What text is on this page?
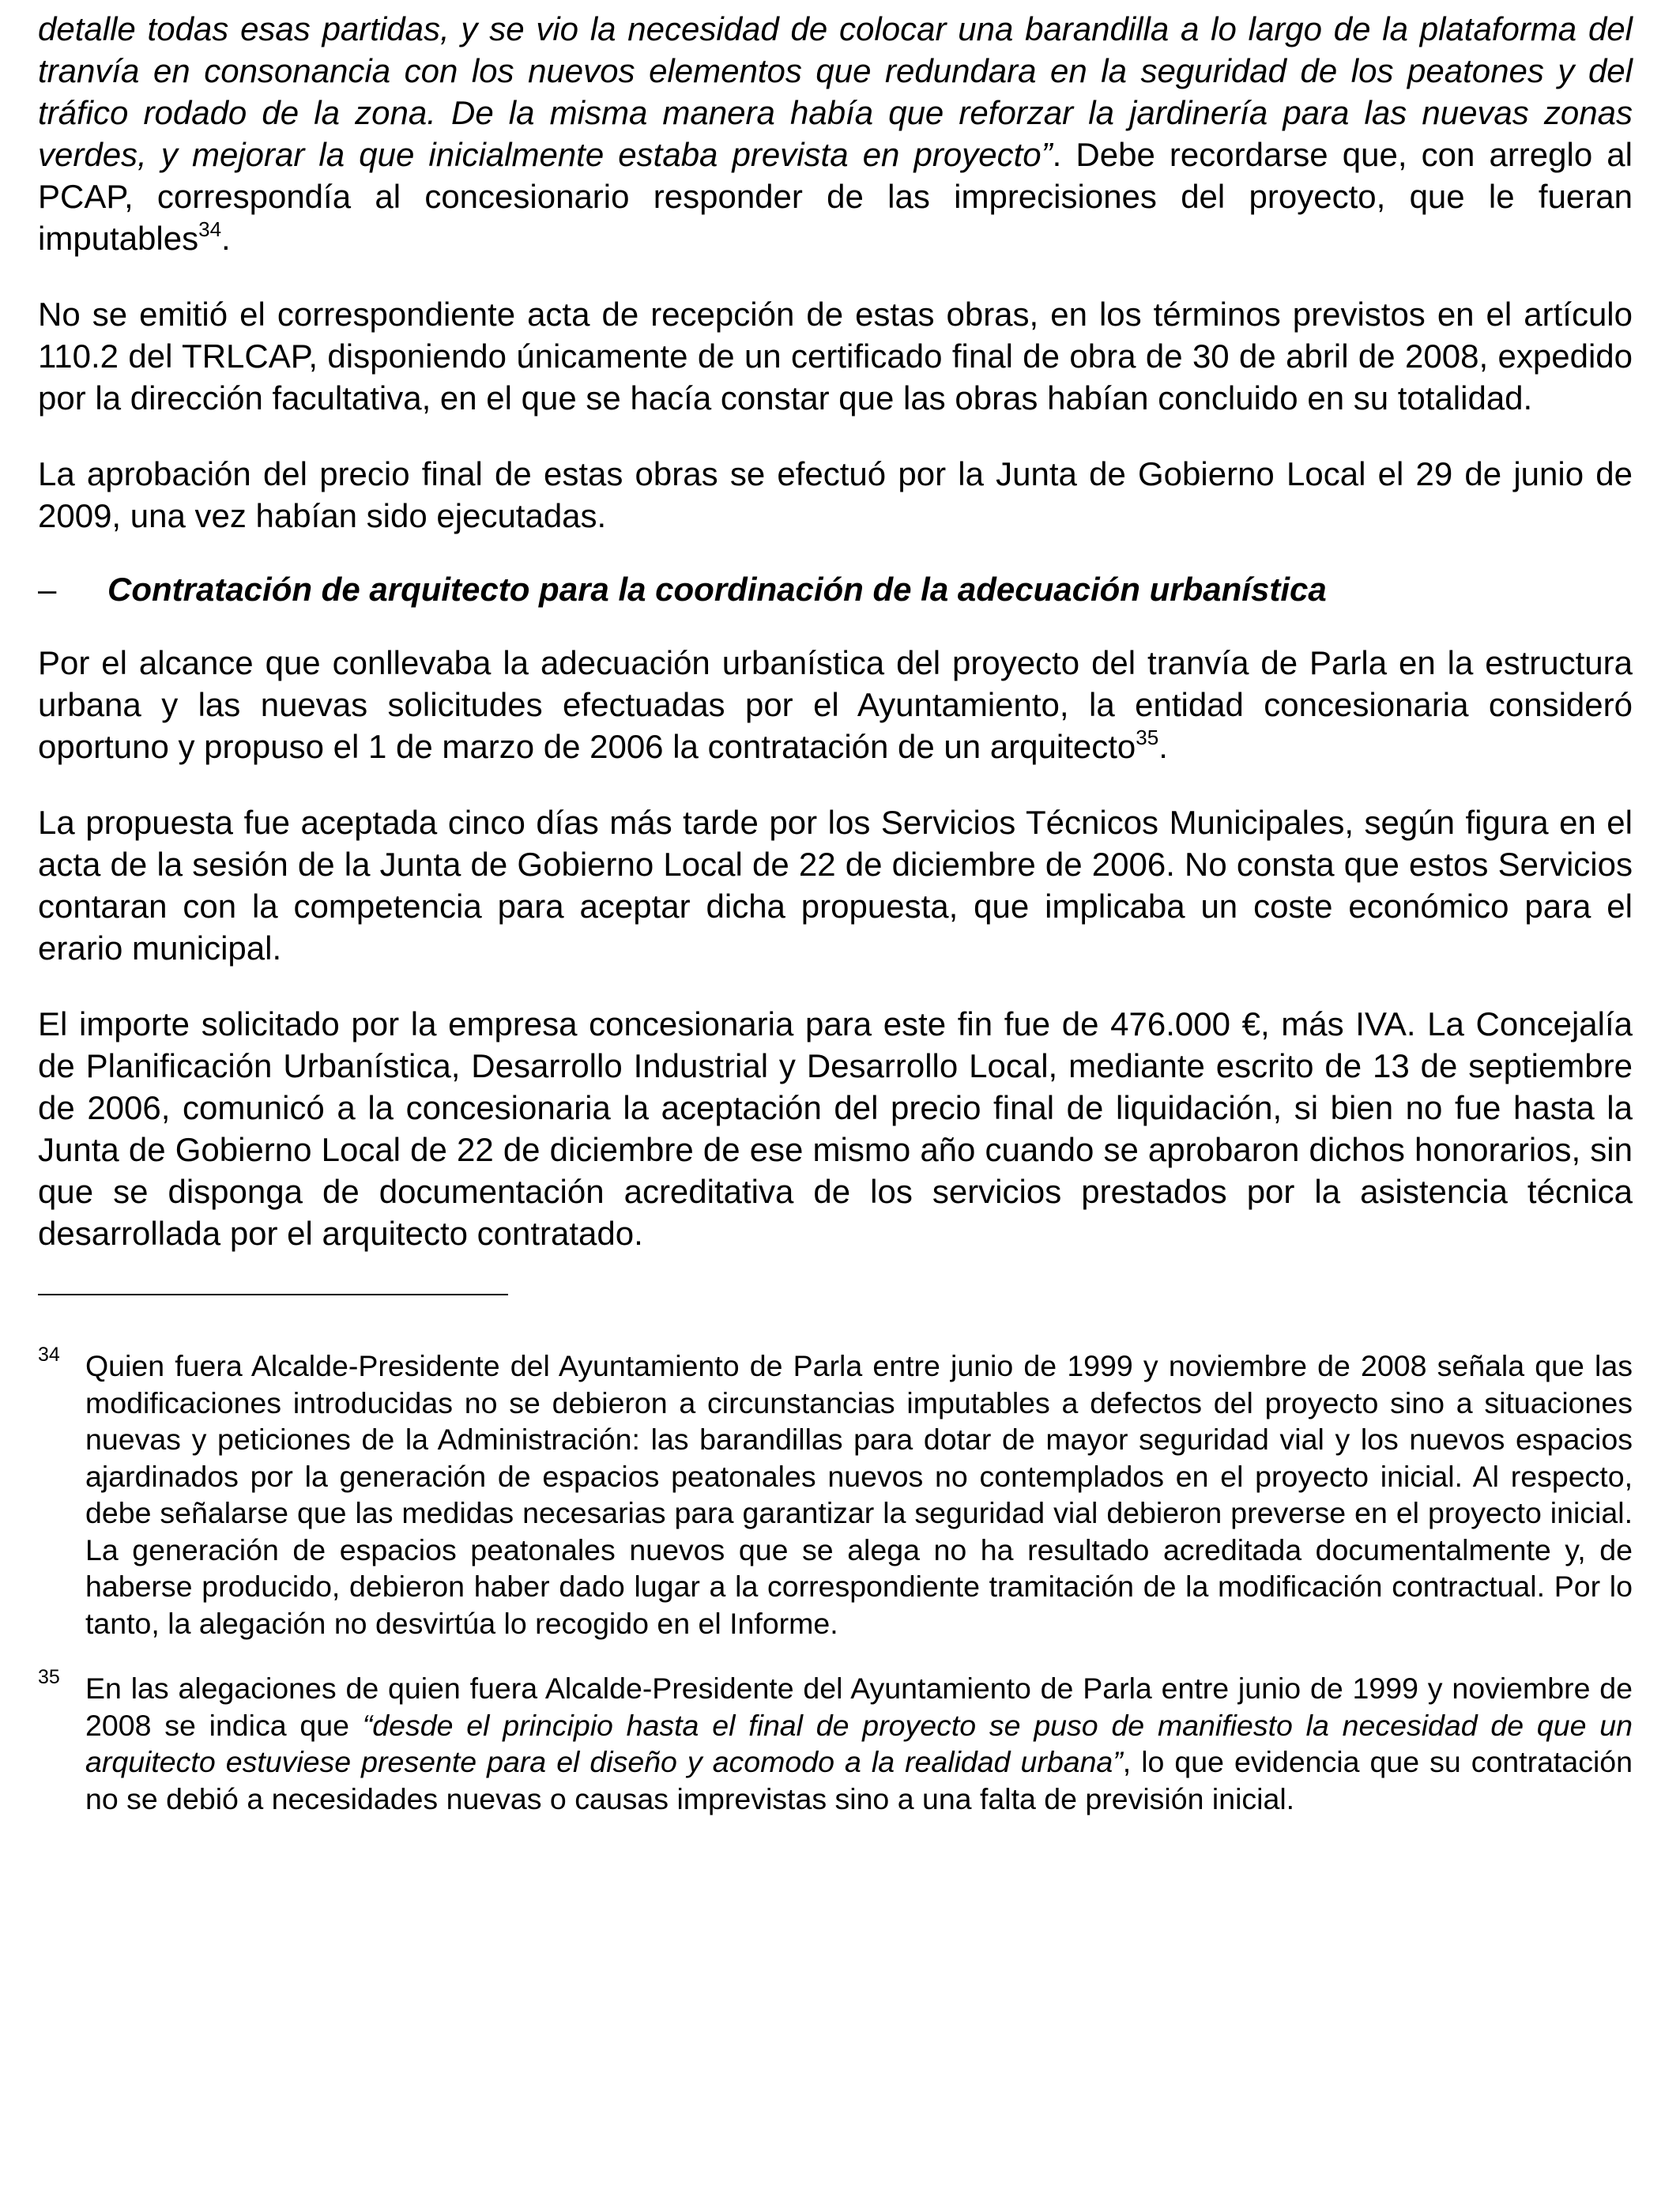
detalle todas esas partidas, y se vio la necesidad de colocar una barandilla a lo largo de la plataforma del tranvía en consonancia con los nuevos elementos que redundara en la seguridad de los peatones y del tráfico rodado de la zona. De la misma manera había que reforzar la jardinería para las nuevas zonas verdes, y mejorar la que inicialmente estaba prevista en proyecto”. Debe recordarse que, con arreglo al PCAP, correspondía al concesionario responder de las imprecisiones del proyecto, que le fueran imputables$^{34}$.

No se emitió el correspondiente acta de recepción de estas obras, en los términos previstos en el artículo 110.2 del TRLCAP, disponiendo únicamente de un certificado final de obra de 30 de abril de 2008, expedido por la dirección facultativa, en el que se hacía constar que las obras habían concluido en su totalidad.

La aprobación del precio final de estas obras se efectuó por la Junta de Gobierno Local el 29 de junio de 2009, una vez habían sido ejecutadas.

– Contratación de arquitecto para la coordinación de la adecuación urbanística

Por el alcance que conllevaba la adecuación urbanística del proyecto del tranvía de Parla en la estructura urbana y las nuevas solicitudes efectuadas por el Ayuntamiento, la entidad concesionaria consideró oportuno y propuso el 1 de marzo de 2006 la contratación de un arquitecto$^{35}$.

La propuesta fue aceptada cinco días más tarde por los Servicios Técnicos Municipales, según figura en el acta de la sesión de la Junta de Gobierno Local de 22 de diciembre de 2006. No consta que estos Servicios contaran con la competencia para aceptar dicha propuesta, que implicaba un coste económico para el erario municipal.

El importe solicitado por la empresa concesionaria para este fin fue de 476.000 €, más IVA. La Concejalía de Planificación Urbanística, Desarrollo Industrial y Desarrollo Local, mediante escrito de 13 de septiembre de 2006, comunicó a la concesionaria la aceptación del precio final de liquidación, si bien no fue hasta la Junta de Gobierno Local de 22 de diciembre de ese mismo año cuando se aprobaron dichos honorarios, sin que se disponga de documentación acreditativa de los servicios prestados por la asistencia técnica desarrollada por el arquitecto contratado.

34 Quien fuera Alcalde-Presidente del Ayuntamiento de Parla entre junio de 1999 y noviembre de 2008 señala que las modificaciones introducidas no se debieron a circunstancias imputables a defectos del proyecto sino a situaciones nuevas y peticiones de la Administración: las barandillas para dotar de mayor seguridad vial y los nuevos espacios ajardinados por la generación de espacios peatonales nuevos no contemplados en el proyecto inicial. Al respecto, debe señalarse que las medidas necesarias para garantizar la seguridad vial debieron preverse en el proyecto inicial. La generación de espacios peatonales nuevos que se alega no ha resultado acreditada documentalmente y, de haberse producido, debieron haber dado lugar a la correspondiente tramitación de la modificación contractual. Por lo tanto, la alegación no desvirtúa lo recogido en el Informe.
35 En las alegaciones de quien fuera Alcalde-Presidente del Ayuntamiento de Parla entre junio de 1999 y noviembre de 2008 se indica que “desde el principio hasta el final de proyecto se puso de manifiesto la necesidad de que un arquitecto estuviese presente para el diseño y acomodo a la realidad urbana”, lo que evidencia que su contratación no se debió a necesidades nuevas o causas imprevistas sino a una falta de previsión inicial.
